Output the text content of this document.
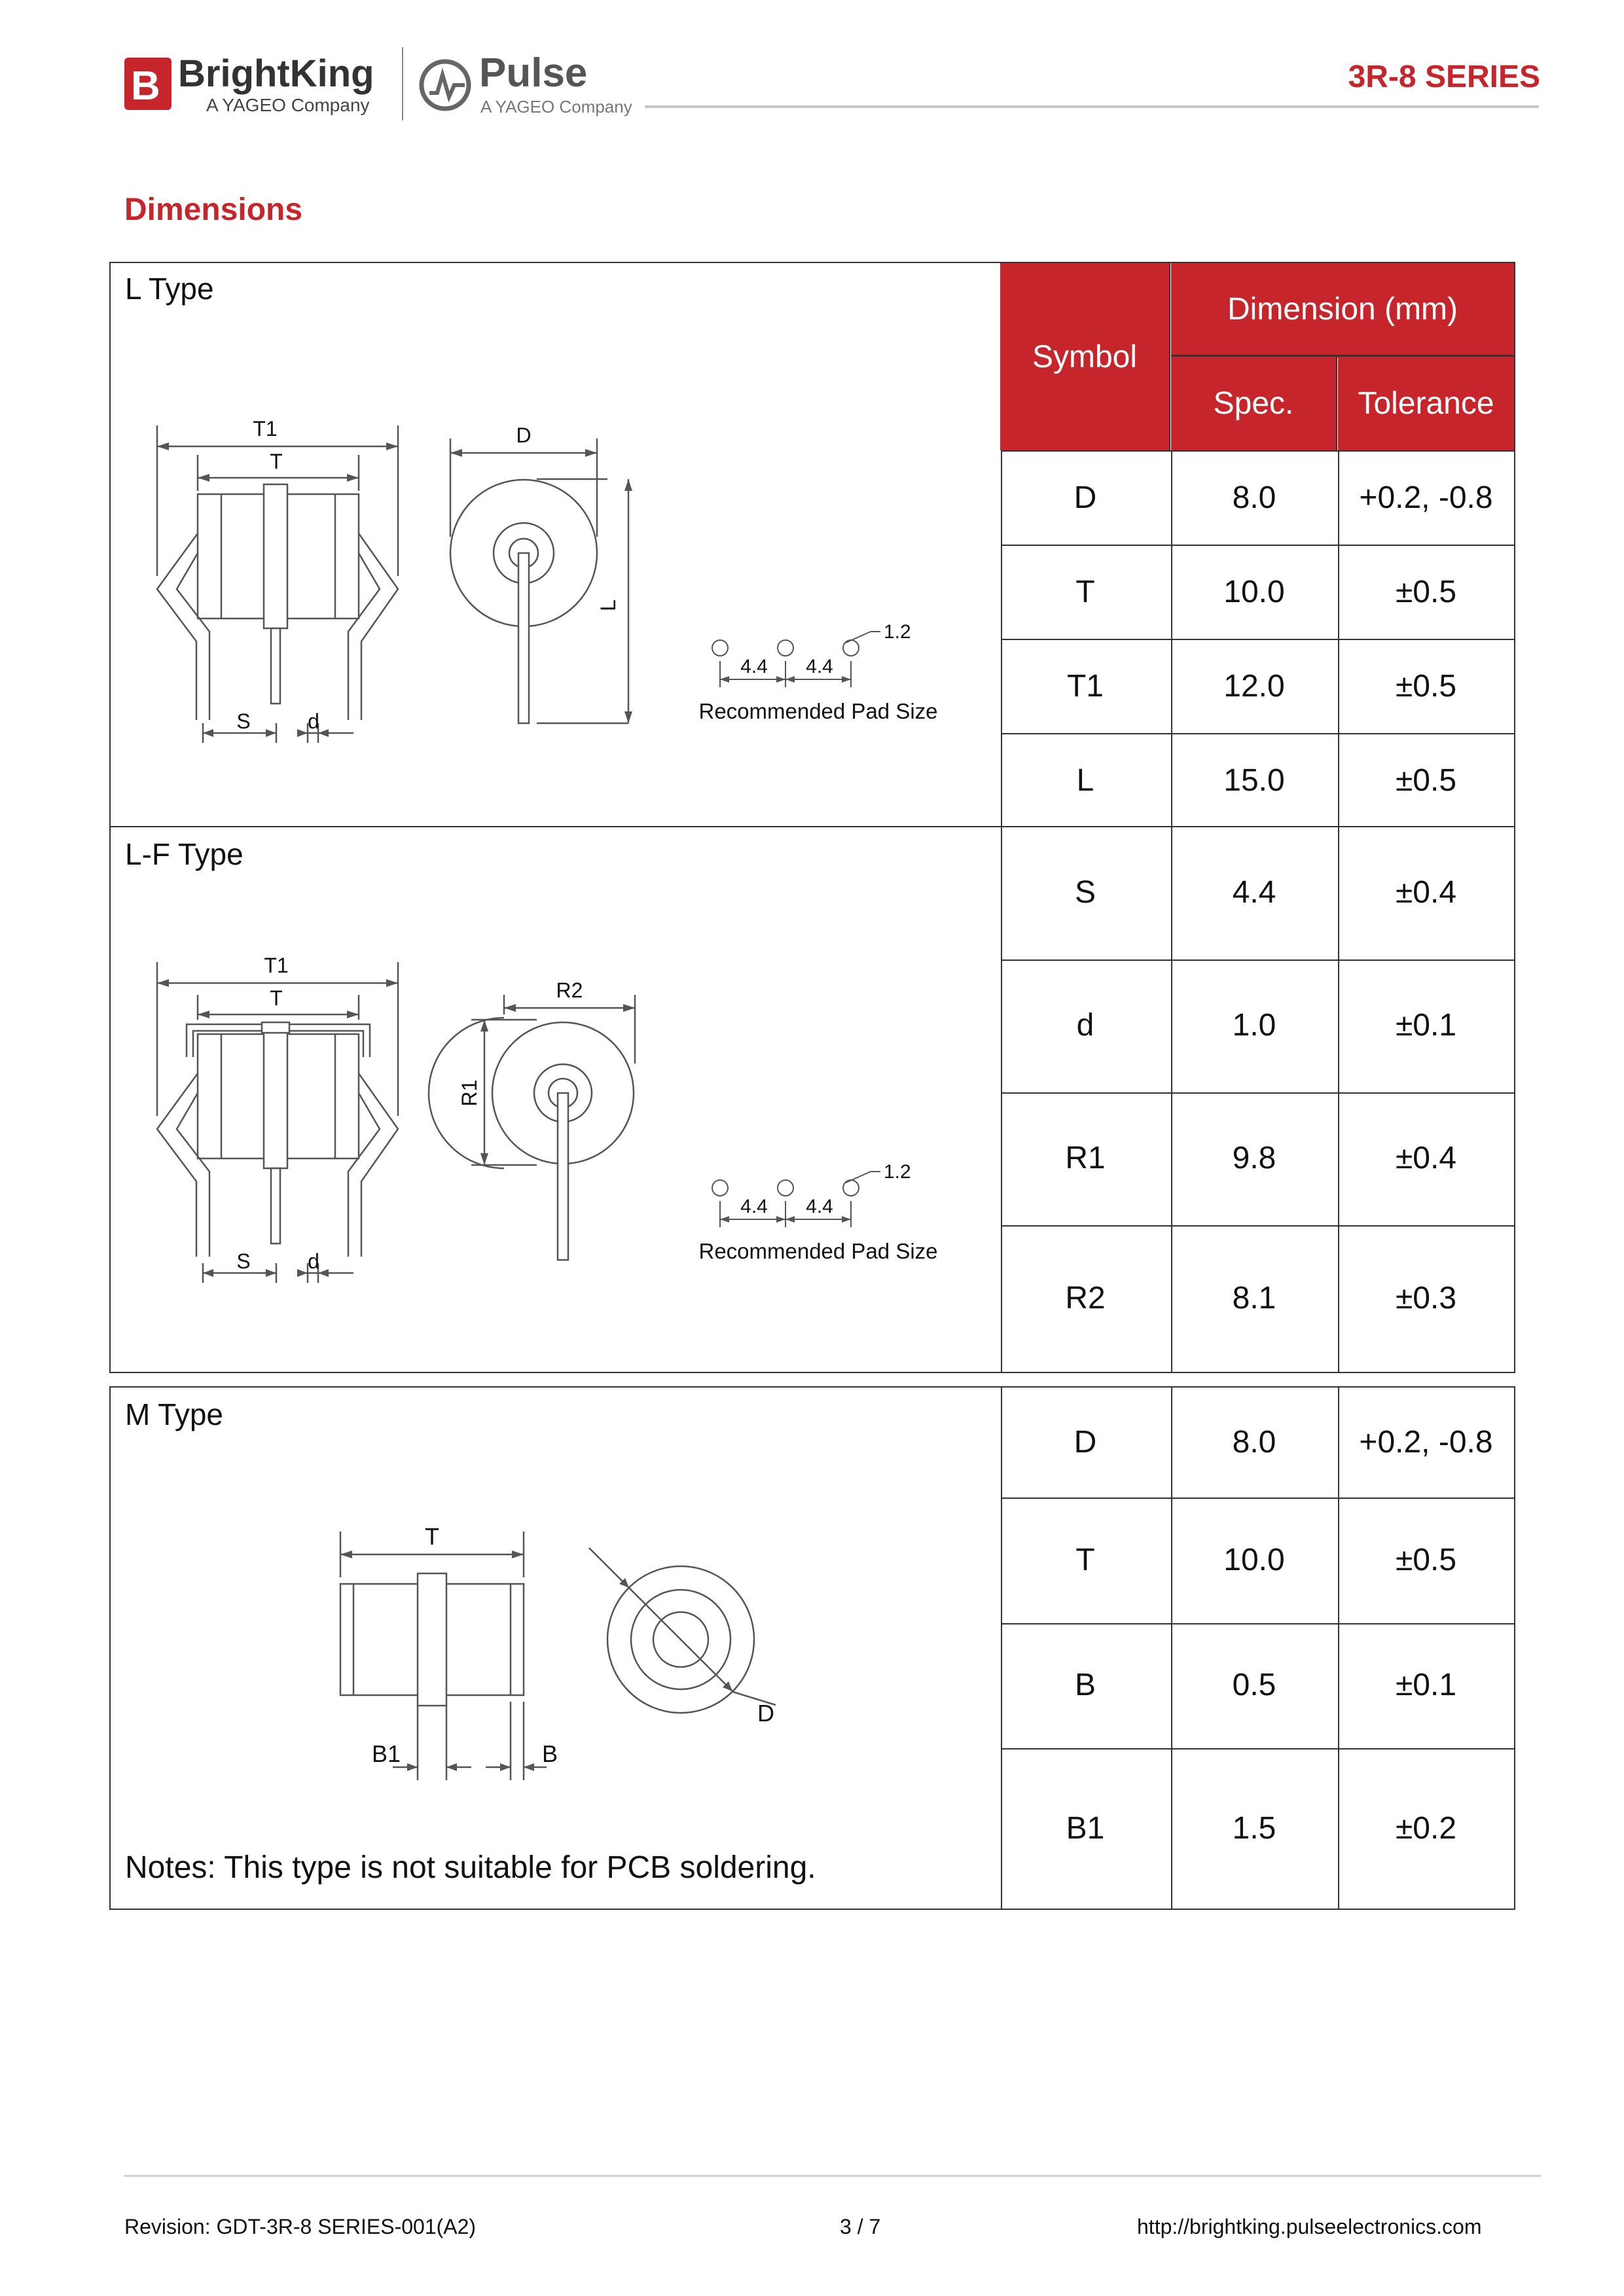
B BrightKing
A YAGEO Company
Pulse
A YAGEO Company
3R-8 SERIES
Dimensions
L Type
L-F Type
Symbol
Dimension (mm)
Spec.	Tolerance
D	8.0	+0.2, -0.8
T	10.0	±0.5
T1	12.0	±0.5
L	15.0	±0.5
S	4.4	±0.4
d	1.0	±0.1
R1	9.8	±0.4
R2	8.1	±0.3
T1
T
S	d
D
L
4.4 4.4
1.2
Recommended Pad Size
T1
T
S	d
R2
R1
4.4 4.4
1.2
Recommended Pad Size
M Type
Notes: This type is not suitable for PCB soldering.
D	8.0	+0.2, -0.8
T	10.0	±0.5
B	0.5	±0.1
B1	1.5	±0.2
T
B1	B
D
Revision: GDT-3R-8 SERIES-001(A2)	3 / 7	http://brightking.pulseelectronics.com
